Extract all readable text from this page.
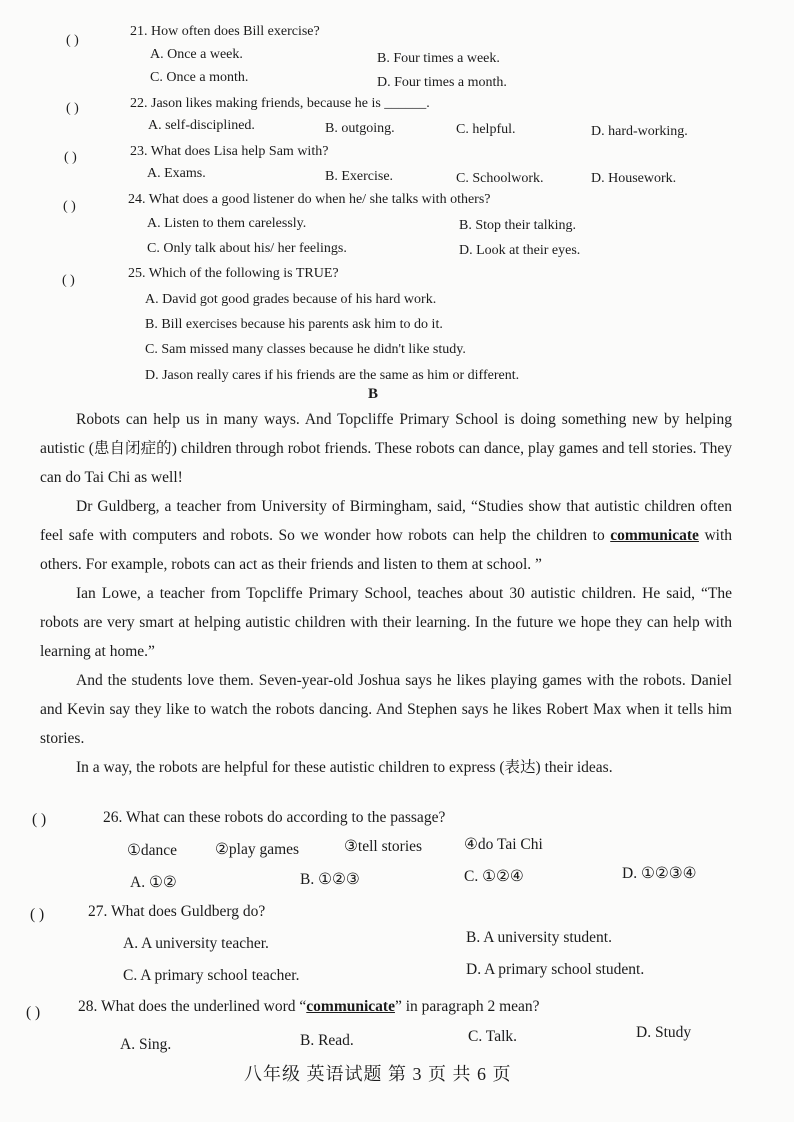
( )
21. How often does Bill exercise?
A. Once a week.	B. Four times a week.
C. Once a month.	D. Four times a month.
( )	22. Jason likes making friends, because he is ______.
A. self-disciplined.	B. outgoing.	C. helpful.	D. hard-working.
( )	23. What does Lisa help Sam with?
A. Exams.	B. Exercise.	C. Schoolwork.	D. Housework.
( )	24. What does a good listener do when he/ she talks with others?
A. Listen to them carelessly.	B. Stop their talking.
C. Only talk about his/ her feelings.	D. Look at their eyes.
( )	25. Which of the following is TRUE?
A. David got good grades because of his hard work.
B. Bill exercises because his parents ask him to do it.
C. Sam missed many classes because he didn't like study.
D. Jason really cares if his friends are the same as him or different.
B

Robots can help us in many ways. And Topcliffe Primary School is doing something new by helping autistic (患自闭症的) children through robot friends. These robots can dance, play games and tell stories. They can do Tai Chi as well!

Dr Guldberg, a teacher from University of Birmingham, said, “Studies show that autistic children often feel safe with computers and robots. So we wonder how robots can help the children to communicate with others. For example, robots can act as their friends and listen to them at school. ”

Ian Lowe, a teacher from Topcliffe Primary School, teaches about 30 autistic children. He said, “The robots are very smart at helping autistic children with their learning. In the future we hope they can help with learning at home.”

And the students love them. Seven-year-old Joshua says he likes playing games with the robots. Daniel and Kevin say they like to watch the robots dancing. And Stephen says he likes Robert Max when it tells him stories.

In a way, the robots are helpful for these autistic children to express (表达) their ideas.

( )	26. What can these robots do according to the passage?
①dance ②play games	③tell stories	④do Tai Chi
A. ①②	B. ①②③	C. ①②④	D. ①②③④
( )	27. What does Guldberg do?
A. A university teacher.	B. A university student.
C. A primary school teacher.	D. A primary school student.
( ) 28. What does the underlined word “communicate” in paragraph 2 mean?
A. Sing.	B. Read.	C. Talk.	D. Study
八年级 英语试题 第 3 页 共 6 页
